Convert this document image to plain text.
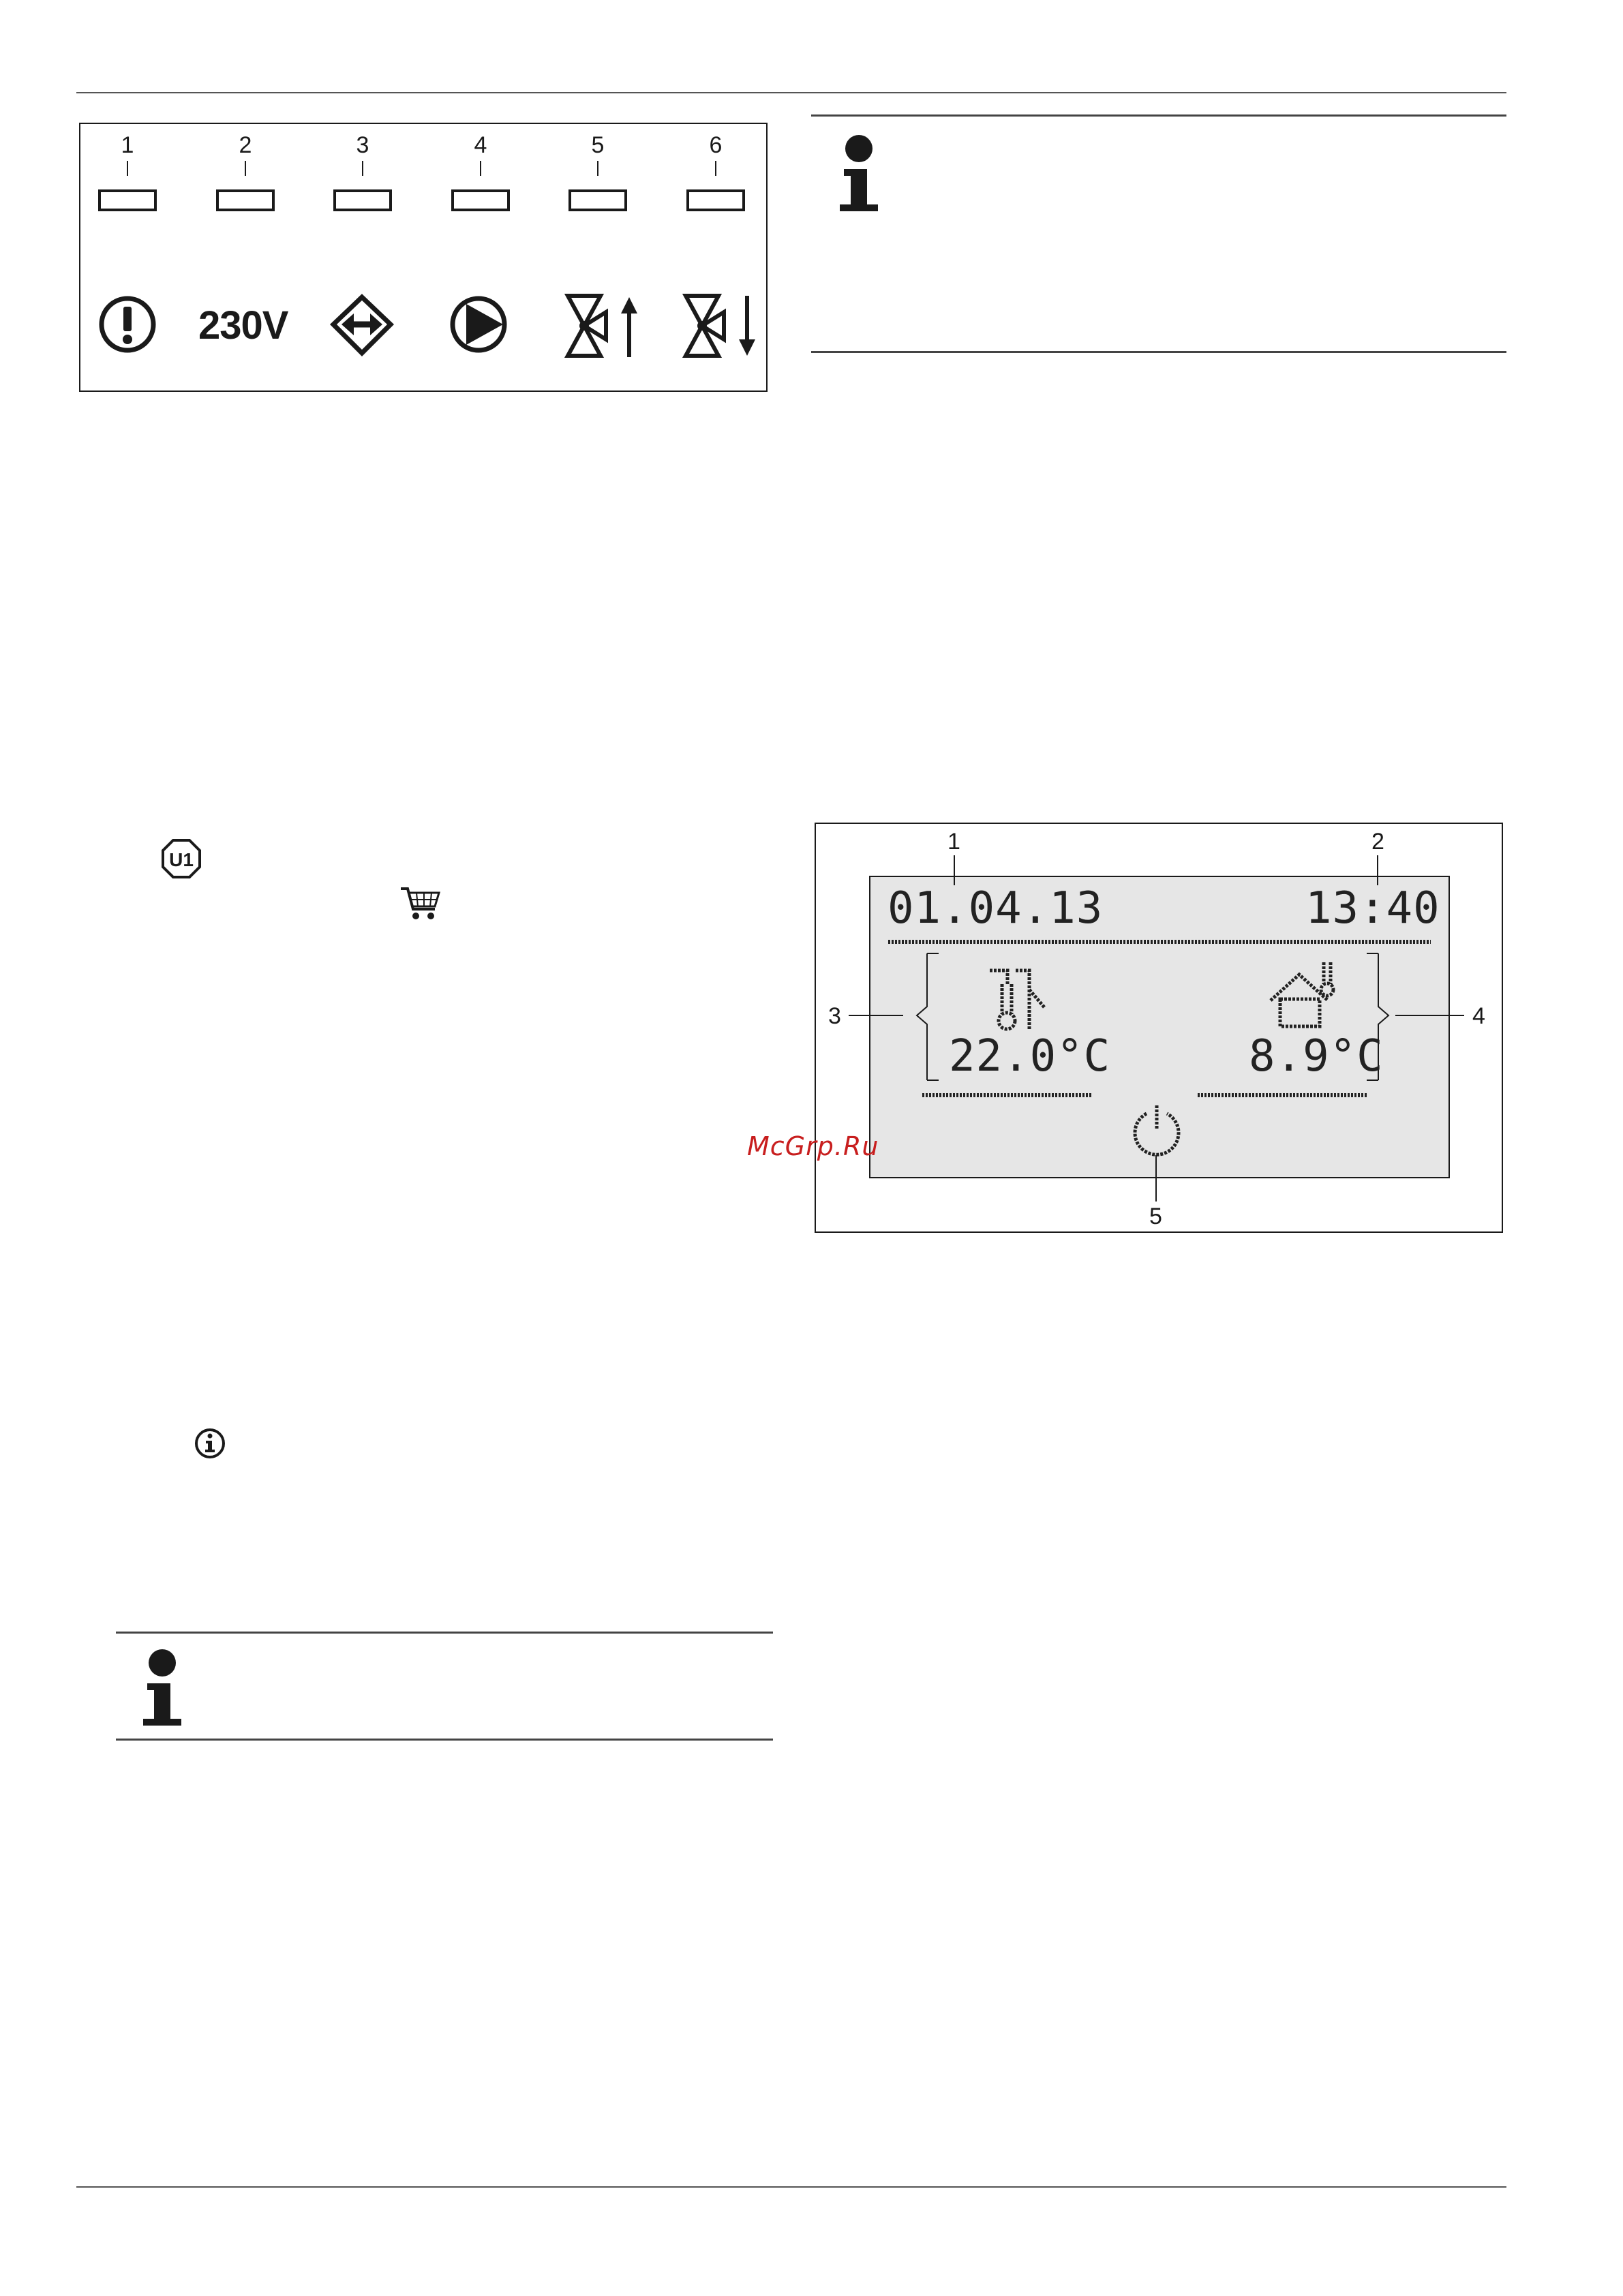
1	2	3	4	5	6
230V
U1
1	2
3	4
5
01.04.13	13:40
22.0°C	8.9°C
McGrp.Ru
